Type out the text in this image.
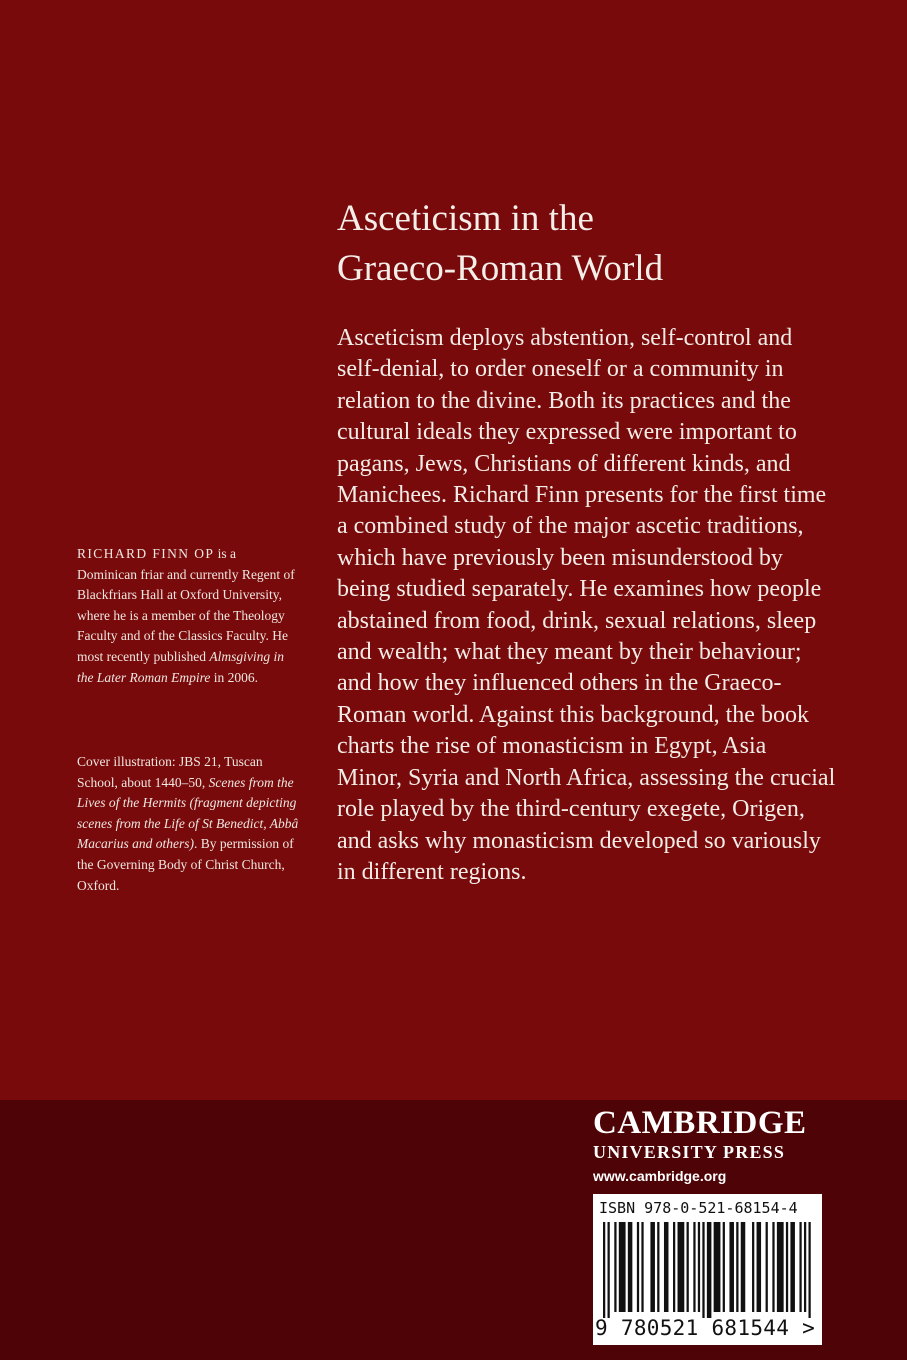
Asceticism in the
Graeco-Roman World

Asceticism deploys abstention, self-control and self-denial, to order oneself or a community in relation to the divine. Both its practices and the cultural ideals they expressed were important to pagans, Jews, Christians of different kinds, and Manichees. Richard Finn presents for the first time a combined study of the major ascetic traditions, which have previously been misunderstood by being studied separately. He examines how people abstained from food, drink, sexual relations, sleep and wealth; what they meant by their behaviour; and how they influenced others in the Graeco-Roman world. Against this background, the book charts the rise of monasticism in Egypt, Asia Minor, Syria and North Africa, assessing the crucial role played by the third-century exegete, Origen, and asks why monasticism developed so variously in different regions.

RICHARD FINN OP is a Dominican friar and currently Regent of Blackfriars Hall at Oxford University, where he is a member of the Theology Faculty and of the Classics Faculty. He most recently published Almsgiving in the Later Roman Empire in 2006.

Cover illustration: JBS 21, Tuscan School, about 1440–50, Scenes from the Lives of the Hermits (fragment depicting scenes from the Life of St Benedict, Abbâ Macarius and others). By permission of the Governing Body of Christ Church, Oxford.

CAMBRIDGE
UNIVERSITY PRESS
www.cambridge.org
ISBN 978-0-521-68154-4
9 780521 681544 >
